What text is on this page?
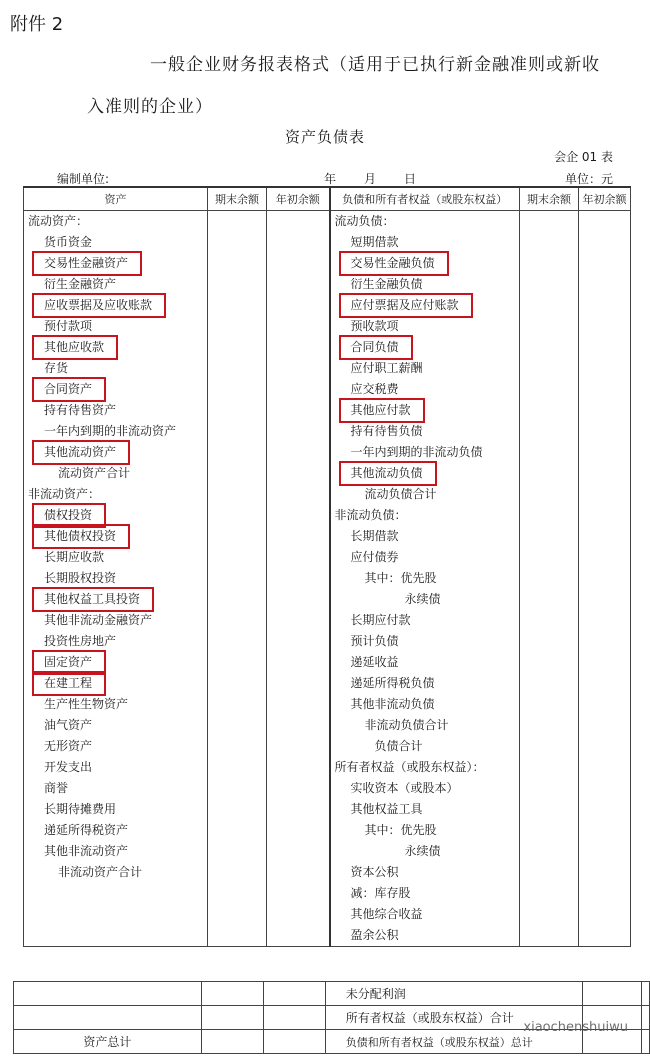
附件 2
一般企业财务报表格式（适用于已执行新金融准则或新收
入准则的企业）
资产负债表
会企 01 表
编制单位:	年 月 日	单位：元
资产	期末余额	年初余额	负债和所有者权益（或股东权益）	期末余额	年初余额
流动资产：			流动负债：		
货币资金			短期借款		
交易性金融资产			交易性金融负债		
衍生金融资产			衍生金融负债		
应收票据及应收账款			应付票据及应付账款		
预付款项			预收款项		
其他应收款			合同负债		
存货			应付职工薪酬		
合同资产			应交税费		
持有待售资产			其他应付款		
一年内到期的非流动资产			持有待售负债		
其他流动资产			一年内到期的非流动负债		
流动资产合计			其他流动负债		
非流动资产：			流动负债合计		
债权投资			非流动负债：		
其他债权投资			长期借款		
长期应收款			应付债券		
长期股权投资			其中：优先股		
其他权益工具投资			永续债		
其他非流动金融资产			长期应付款		
投资性房地产			预计负债		
固定资产			递延收益		
在建工程			递延所得税负债		
生产性生物资产			其他非流动负债		
油气资产			非流动负债合计		
无形资产			负债合计		
开发支出			所有者权益（或股东权益）：		
商誉			实收资本（或股本）		
长期待摊费用			其他权益工具		
递延所得税资产			其中：优先股		
其他非流动资产			永续债		
非流动资产合计			资本公积		
			减：库存股		
			其他综合收益		
			盈余公积		
			未分配利润		
			所有者权益（或股东权益）合计		
资产总计			负债和所有者权益（或股东权益）总计		
xiaochenshuiwu
